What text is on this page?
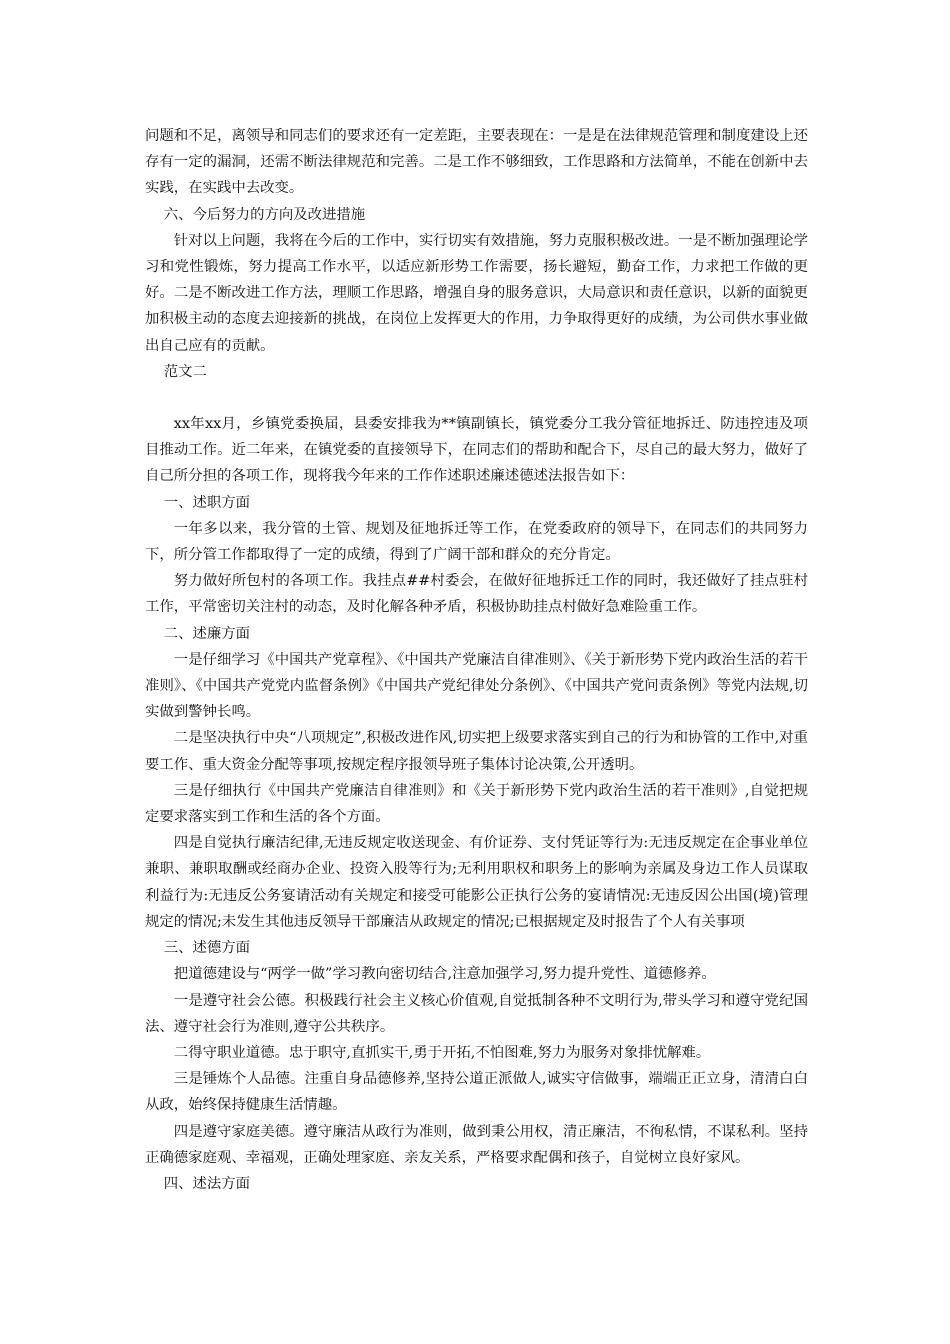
问题和不足，离领导和同志们的要求还有一定差距，主要表现在：一是是在法律规范管理和制度建设上还存有一定的漏洞，还需不断法律规范和完善。二是工作不够细致，工作思路和方法简单，不能在创新中去实践，在实践中去改变。

六、今后努力的方向及改进措施

针对以上问题，我将在今后的工作中，实行切实有效措施，努力克服积极改进。一是不断加强理论学习和党性锻炼，努力提高工作水平，以适应新形势工作需要，扬长避短，勤奋工作，力求把工作做的更好。二是不断改进工作方法，理顺工作思路，增强自身的服务意识，大局意识和责任意识，以新的面貌更加积极主动的态度去迎接新的挑战，在岗位上发挥更大的作用，力争取得更好的成绩，为公司供水事业做出自己应有的贡献。

范文二

xx年xx月，乡镇党委换届，县委安排我为**镇副镇长，镇党委分工我分管征地拆迁、防违控违及项目推动工作。近二年来，在镇党委的直接领导下，在同志们的帮助和配合下，尽自己的最大努力，做好了自己所分担的各项工作，现将我今年来的工作作述职述廉述德述法报告如下：

一、述职方面

一年多以来，我分管的土管、规划及征地拆迁等工作，在党委政府的领导下，在同志们的共同努力下，所分管工作都取得了一定的成绩，得到了广阔干部和群众的充分肯定。

努力做好所包村的各项工作。我挂点##村委会，在做好征地拆迁工作的同时，我还做好了挂点驻村工作，平常密切关注村的动态，及时化解各种矛盾，积极协助挂点村做好急难险重工作。

二、述廉方面

一是仔细学习《中国共产党章程》、《中国共产党廉洁自律准则》、《关于新形势下党内政治生活的若干准则》、《中国共产党党内监督条例》《中国共产党纪律处分条例》、《中国共产党问责条例》等党内法规,切实做到警钟长鸣。

二是坚决执行中央“八项规定”,积极改进作风,切实把上级要求落实到自己的行为和协管的工作中,对重要工作、重大资金分配等事项,按规定程序报领导班子集体讨论决策,公开透明。

三是仔细执行《中国共产党廉洁自律准则》和《关于新形势下党内政治生活的若干准则》,自觉把规定要求落实到工作和生活的各个方面。

四是自觉执行廉洁纪律,无违反规定收送现金、有价证券、支付凭证等行为:无违反规定在企事业单位兼职、兼职取酬或经商办企业、投资入股等行为;无利用职权和职务上的影响为亲属及身边工作人员谋取利益行为:无违反公务宴请活动有关规定和接受可能影公正执行公务的宴请情况:无违反因公出国(境)管理规定的情况;未发生其他违反领导干部廉洁从政规定的情况;已根据规定及时报告了个人有关事项

三、述德方面

把道德建设与“两学一做”学习教向密切结合,注意加强学习,努力提升党性、道德修养。

一是遵守社会公德。积极践行社会主义核心价值观,自觉抵制各种不文明行为,带头学习和遵守党纪国法、遵守社会行为准则,遵守公共秩序。

二得守职业道德。忠于职守,直抓实干,勇于开拓,不怕图难,努力为服务对象排忧解难。

三是锤炼个人品德。注重自身品德修养,坚持公道正派做人,诚实守信做事，端端正正立身，清清白白从政，始终保持健康生活情趣。

四是遵守家庭美德。遵守廉洁从政行为准则，做到秉公用权，清正廉洁，不徇私情，不谋私利。坚持正确德家庭观、幸福观，正确处理家庭、亲友关系，严格要求配偶和孩子，自觉树立良好家风。

四、述法方面
